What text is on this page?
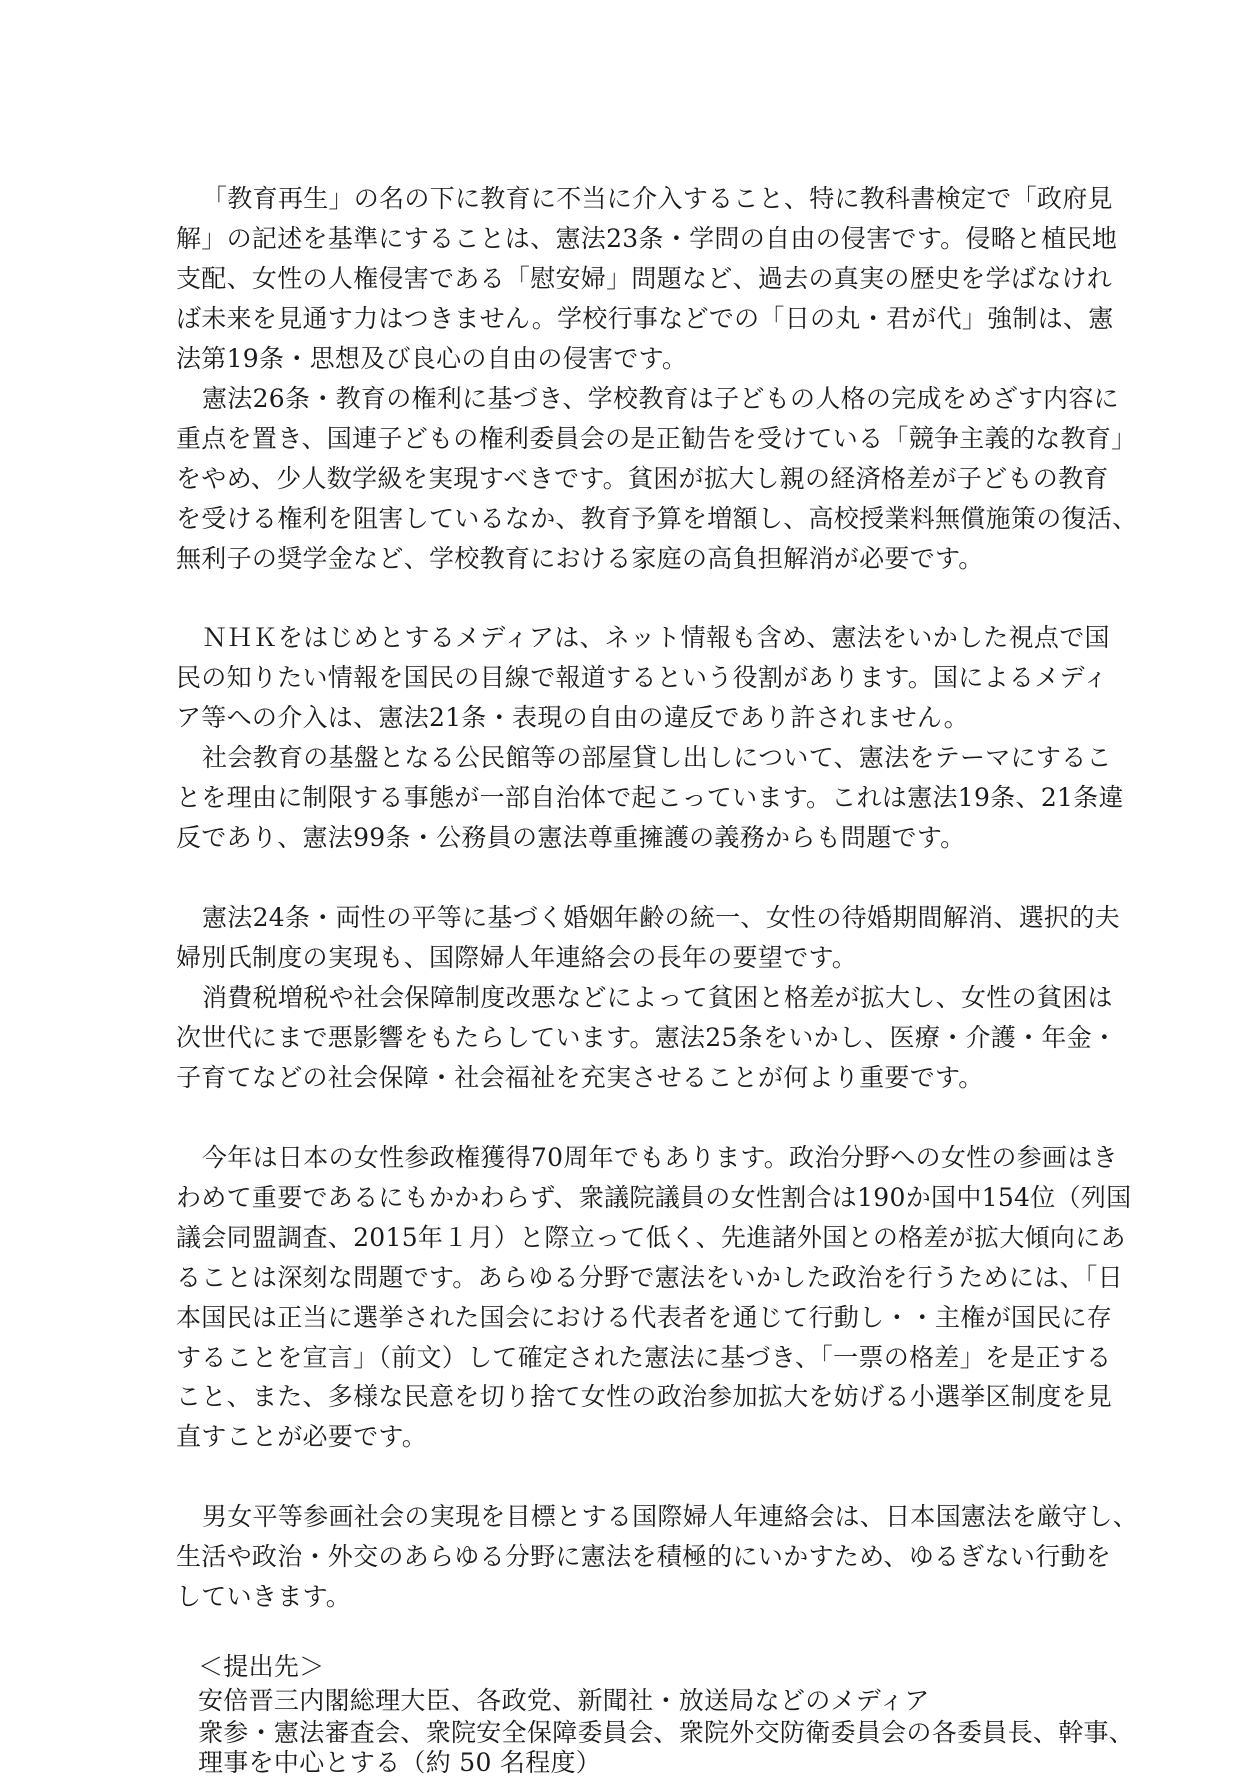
「教育再生」の名の下に教育に不当に介入すること、特に教科書検定で「政府見

解」の記述を基準にすることは、憲法23条・学問の自由の侵害です。侵略と植民地

支配、女性の人権侵害である「慰安婦」問題など、過去の真実の歴史を学ばなけれ

ば未来を見通す力はつきません。学校行事などでの「日の丸・君が代」強制は、憲

法第19条・思想及び良心の自由の侵害です。

憲法26条・教育の権利に基づき、学校教育は子どもの人格の完成をめざす内容に

重点を置き、国連子どもの権利委員会の是正勧告を受けている「競争主義的な教育」

をやめ、少人数学級を実現すべきです。貧困が拡大し親の経済格差が子どもの教育

を受ける権利を阻害しているなか、教育予算を増額し、高校授業料無償施策の復活、

無利子の奨学金など、学校教育における家庭の高負担解消が必要です。

ＮＨＫをはじめとするメディアは、ネット情報も含め、憲法をいかした視点で国

民の知りたい情報を国民の目線で報道するという役割があります。国によるメディ

ア等への介入は、憲法21条・表現の自由の違反であり許されません。

社会教育の基盤となる公民館等の部屋貸し出しについて、憲法をテーマにするこ

とを理由に制限する事態が一部自治体で起こっています。これは憲法19条、21条違

反であり、憲法99条・公務員の憲法尊重擁護の義務からも問題です。

憲法24条・両性の平等に基づく婚姻年齢の統一、女性の待婚期間解消、選択的夫

婦別氏制度の実現も、国際婦人年連絡会の長年の要望です。

消費税増税や社会保障制度改悪などによって貧困と格差が拡大し、女性の貧困は

次世代にまで悪影響をもたらしています。憲法25条をいかし、医療・介護・年金・

子育てなどの社会保障・社会福祉を充実させることが何より重要です。

今年は日本の女性参政権獲得70周年でもあります。政治分野への女性の参画はき

わめて重要であるにもかかわらず、衆議院議員の女性割合は190か国中154位（列国

議会同盟調査、2015年１月）と際立って低く、先進諸外国との格差が拡大傾向にあ

ることは深刻な問題です。あらゆる分野で憲法をいかした政治を行うためには、「日

本国民は正当に選挙された国会における代表者を通じて行動し・・主権が国民に存

することを宣言」（前文）して確定された憲法に基づき、「一票の格差」を是正する

こと、また、多様な民意を切り捨て女性の政治参加拡大を妨げる小選挙区制度を見

直すことが必要です。

男女平等参画社会の実現を目標とする国際婦人年連絡会は、日本国憲法を厳守し、

生活や政治・外交のあらゆる分野に憲法を積極的にいかすため、ゆるぎない行動を

していきます。

＜提出先＞

安倍晋三内閣総理大臣、各政党、新聞社・放送局などのメディア

衆参・憲法審査会、衆院安全保障委員会、衆院外交防衛委員会の各委員長、幹事、

理事を中心とする（約 50 名程度）
